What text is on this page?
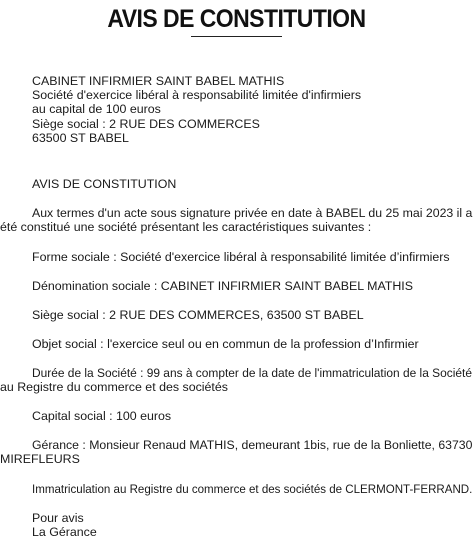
AVIS DE CONSTITUTION
CABINET INFIRMIER SAINT BABEL MATHIS
Société d'exercice libéral à responsabilité limitée d'infirmiers
au capital de 100 euros
Siège social : 2 RUE DES COMMERCES
63500 ST BABEL
AVIS DE CONSTITUTION
Aux termes d'un acte sous signature privée en date à BABEL du 25 mai 2023 il a
été constitué une société présentant les caractéristiques suivantes :
Forme sociale : Société d'exercice libéral à responsabilité limitée d’infirmiers
Dénomination sociale : CABINET INFIRMIER SAINT BABEL MATHIS
Siège social : 2 RUE DES COMMERCES, 63500 ST BABEL
Objet social : l'exercice seul ou en commun de la profession d’Infirmier
Durée de la Société : 99 ans à compter de la date de l'immatriculation de la Société
au Registre du commerce et des sociétés
Capital social : 100 euros
Gérance : Monsieur Renaud MATHIS, demeurant 1bis, rue de la Bonliette, 63730
MIREFLEURS
Immatriculation au Registre du commerce et des sociétés de CLERMONT-FERRAND.
Pour avis
La Gérance
